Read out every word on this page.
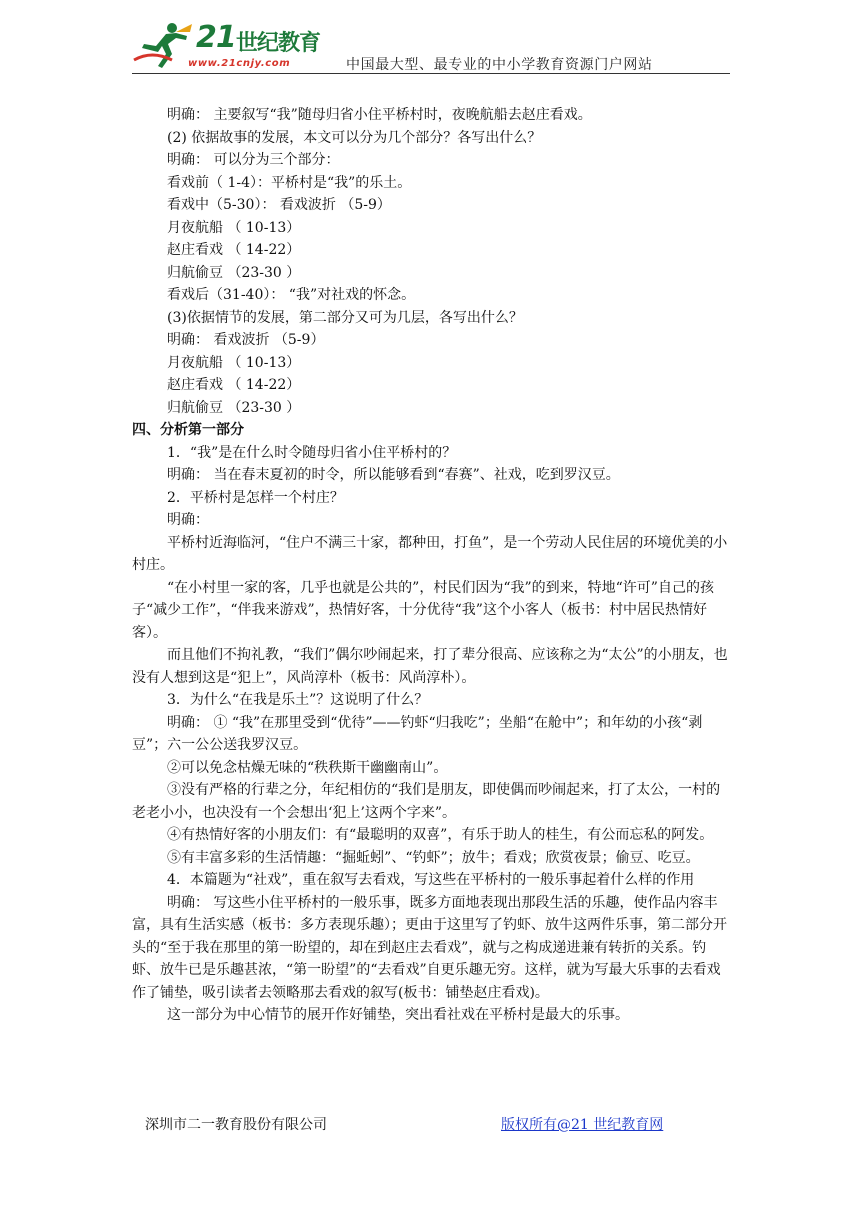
21 世纪教育
www.21cnjy.com	中国最大型、最专业的中小学教育资源门户网站

明确： 主要叙写“我”随母归省小住平桥村时，夜晚航船去赵庄看戏。

(2) 依据故事的发展，本文可以分为几个部分？各写出什么？

明确： 可以分为三个部分：

看戏前（ 1-4）：平桥村是“我”的乐土。

看戏中（5-30）： 看戏波折 （5-9）

月夜航船 （ 10-13）

赵庄看戏 （ 14-22）

归航偷豆 （23-30 ）

看戏后（31-40）： “我”对社戏的怀念。

(3)依据情节的发展，第二部分又可为几层，各写出什么？

明确： 看戏波折 （5-9）

月夜航船 （ 10-13）

赵庄看戏 （ 14-22）

归航偷豆 （23-30 ）

四、分析第一部分

1．“我”是在什么时令随母归省小住平桥村的？

明确： 当在春末夏初的时令，所以能够看到“春赛”、社戏，吃到罗汉豆。

2．平桥村是怎样一个村庄？

明确：

平桥村近海临河，“住户不满三十家，都种田，打鱼”，是一个劳动人民住居的环境优美的小村庄。

“在小村里一家的客，几乎也就是公共的”，村民们因为“我”的到来，特地“许可”自己的孩子“减少工作”，“伴我来游戏”，热情好客，十分优待“我”这个小客人（板书：村中居民热情好客）。

而且他们不拘礼教，“我们”偶尔吵闹起来，打了辈分很高、应该称之为“太公”的小朋友，也没有人想到这是“犯上”，风尚淳朴（板书：风尚淳朴）。

3．为什么“在我是乐土”？这说明了什么？

明确： ① “我”在那里受到“优待”——钓虾“归我吃”；坐船“在舱中”；和年幼的小孩“剥豆”；六一公公送我罗汉豆。

②可以免念枯燥无味的“秩秩斯干幽幽南山”。

③没有严格的行辈之分，年纪相仿的“我们是朋友，即使偶而吵闹起来，打了太公，一村的老老小小，也决没有一个会想出‘犯上’这两个字来”。

④有热情好客的小朋友们：有“最聪明的双喜”，有乐于助人的桂生，有公而忘私的阿发。

⑤有丰富多彩的生活情趣：“掘蚯蚓”、“钓虾”；放牛；看戏；欣赏夜景；偷豆、吃豆。

4．本篇题为“社戏”，重在叙写去看戏，写这些在平桥村的一般乐事起着什么样的作用

明确： 写这些小住平桥村的一般乐事，既多方面地表现出那段生活的乐趣，使作品内容丰富，具有生活实感（板书：多方表现乐趣）；更由于这里写了钓虾、放牛这两件乐事，第二部分开头的“至于我在那里的第一盼望的，却在到赵庄去看戏”，就与之构成递进兼有转折的关系。钓虾、放牛已是乐趣甚浓，“第一盼望”的“去看戏”自更乐趣无穷。这样，就为写最大乐事的去看戏作了铺垫，吸引读者去领略那去看戏的叙写(板书：铺垫赵庄看戏)。

这一部分为中心情节的展开作好铺垫，突出看社戏在平桥村是最大的乐事。

深圳市二一教育股份有限公司	版权所有@21 世纪教育网
